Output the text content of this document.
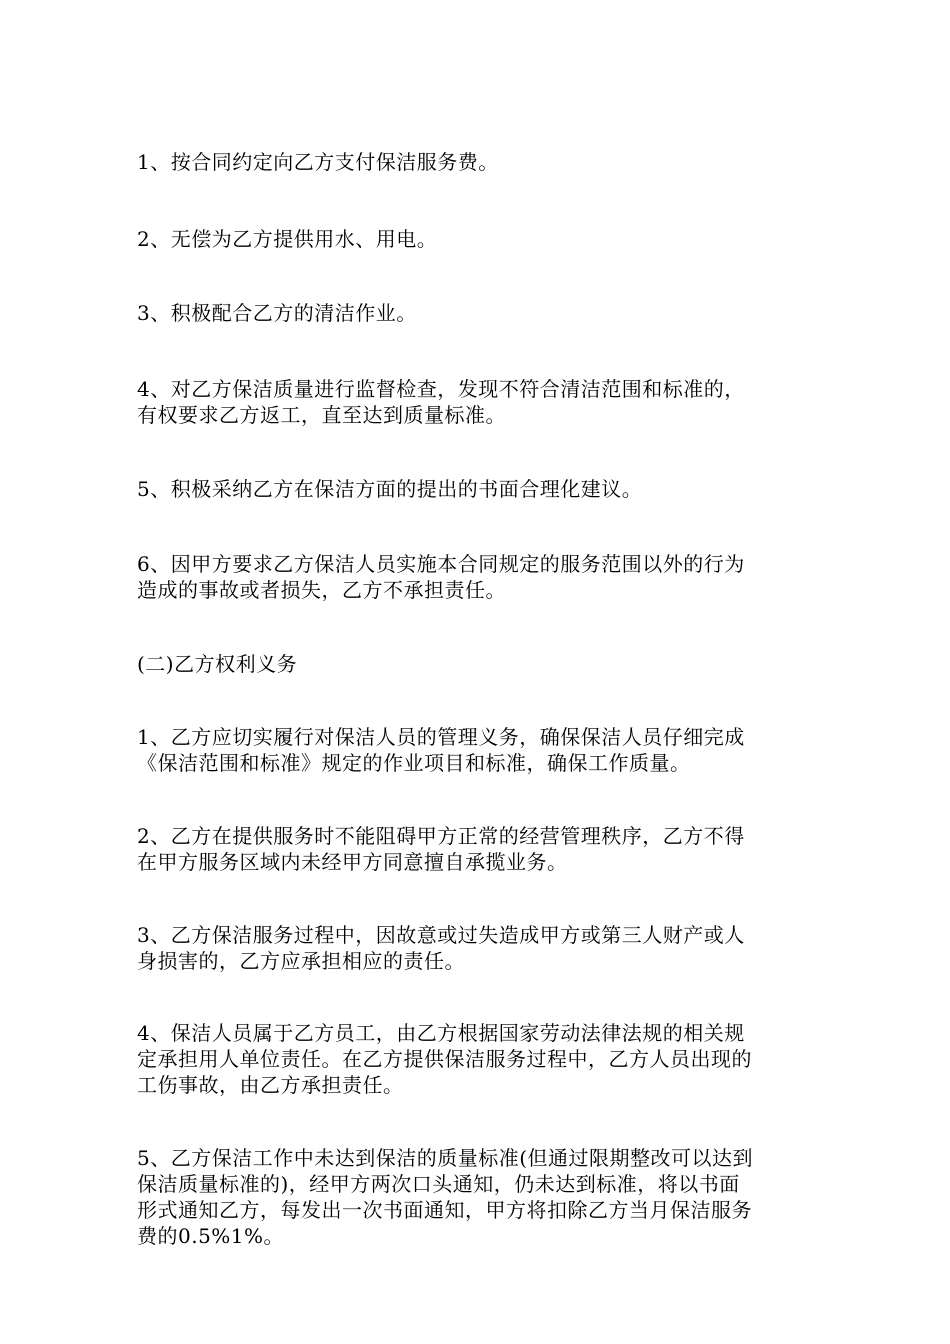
1、按合同约定向乙方支付保洁服务费。

2、无偿为乙方提供用水、用电。

3、积极配合乙方的清洁作业。

4、对乙方保洁质量进行监督检查，发现不符合清洁范围和标准的，
有权要求乙方返工，直至达到质量标准。

5、积极采纳乙方在保洁方面的提出的书面合理化建议。

6、因甲方要求乙方保洁人员实施本合同规定的服务范围以外的行为
造成的事故或者损失，乙方不承担责任。

(二)乙方权利义务

1、乙方应切实履行对保洁人员的管理义务，确保保洁人员仔细完成
《保洁范围和标准》规定的作业项目和标准，确保工作质量。

2、乙方在提供服务时不能阻碍甲方正常的经营管理秩序，乙方不得
在甲方服务区域内未经甲方同意擅自承揽业务。

3、乙方保洁服务过程中，因故意或过失造成甲方或第三人财产或人
身损害的，乙方应承担相应的责任。

4、保洁人员属于乙方员工，由乙方根据国家劳动法律法规的相关规
定承担用人单位责任。在乙方提供保洁服务过程中，乙方人员出现的
工伤事故，由乙方承担责任。

5、乙方保洁工作中未达到保洁的质量标准(但通过限期整改可以达到
保洁质量标准的)，经甲方两次口头通知，仍未达到标准，将以书面
形式通知乙方，每发出一次书面通知，甲方将扣除乙方当月保洁服务
费的0.5%1%。
